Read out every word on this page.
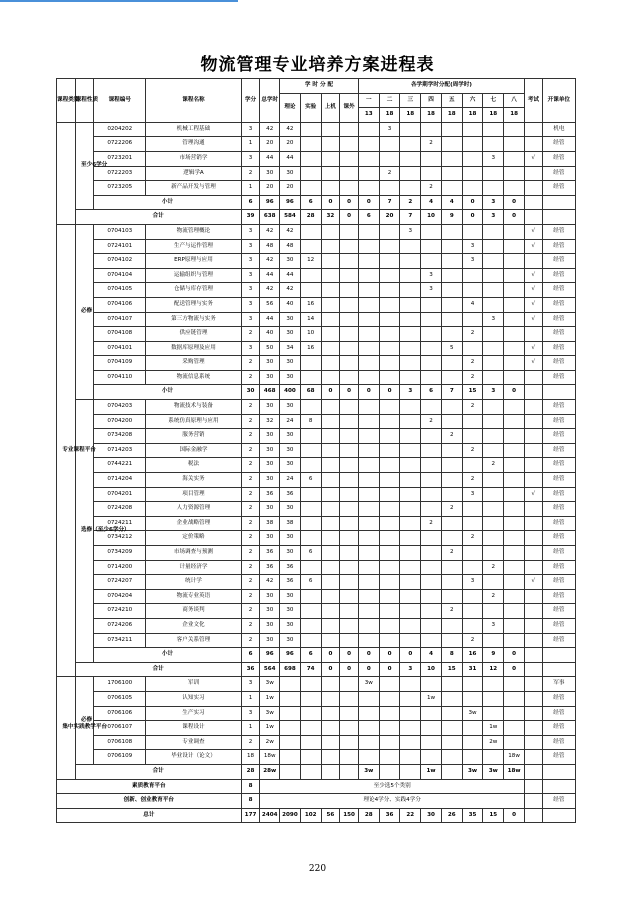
物流管理专业培养方案进程表
课程类别	课程性质	课程编号	课程名称	学分	总学时	学 时 分 配				各学期学时分配(周学时)								考试	开课单位
						理论	实验	上机	课外	一	二	三	四	五	六	七	八		
										13	18	18	18	18	18	18	18		
	至少6学分	0204202	机械工程基础	3	42	42					3								机电
		0722206	管理沟通	1	20	20							2						经管
		0723201	市场营销学	3	44	44										3		√	经管
		0722203	逻辑学A	2	30	30					2								经管
		0723205	新产品开发与管理	1	20	20							2						经管
		小计		6	96	96	6	0	0	0	7	2	4	4	0	3	0		
	合计			39	638	584	28	32	0	6	20	7	10	9	0	3	0		
专业课程平台	必修	0704103	物流管理概论	3	42	42						3						√	经管
		0724101	生产与运作管理	3	48	48									3			√	经管
		0704102	ERP原理与应用	3	42	30	12								3				经管
		0704104	运输组织与管理	3	44	44							3					√	经管
		0704105	仓储与库存管理	3	42	42							3					√	经管
		0704106	配送管理与实务	3	56	40	16								4			√	经管
		0704107	第三方物流与实务	3	44	30	14									3		√	经管
		0704108	供应链管理	2	40	30	10								2				经管
		0704101	数据库原理及应用	3	50	34	16							5				√	经管
		0704109	采购管理	2	30	30									2			√	经管
		0704110	物流信息系统	2	30	30									2				经管
		小计		30	468	400	68	0	0	0	0	3	6	7	15	3	0		
	选修（至少6学分）	0704203	物流技术与装备	2	30	30									2				经管
		0704200	系统仿真原理与应用	2	32	24	8						2						经管
		0734208	服务营销	2	30	30								2					经管
		0714203	国际金融学	2	30	30									2				经管
		0744221	税法	2	30	30										2			经管
		0714204	海关实务	2	30	24	6								2				经管
		0704201	项目管理	2	36	36									3			√	经管
		0724208	人力资源管理	2	30	30								2					经管
		0724211	企业战略管理	2	38	38							2						经管
		0734212	定价策略	2	30	30									2				经管
		0734209	市场调查与预测	2	36	30	6							2					经管
		0714200	计量经济学	2	36	36										2			经管
		0724207	统计学	2	42	36	6								3			√	经管
		0704204	物流专业英语	2	30	30										2			经管
		0724210	商务谈判	2	30	30								2					经管
		0724206	企业文化	2	30	30										3			经管
		0734211	客户关系管理	2	30	30									2				经管
		小计		6	96	96	6	0	0	0	0	0	4	8	16	9	0		
	合计			36	564	698	74	0	0	0	0	3	10	15	31	12	0		
集中实践教学平台	必修	1706100	军训	3	3w					3w									军事
		0706105	认知实习	1	1w								1w						经管
		0706106	生产实习	3	3w										3w				经管
		0706107	课程设计	1	1w											1w			经管
		0706108	专业调查	2	2w											2w			经管
		0706109	毕业设计（论文）	18	18w												18w		经管
	合计			28	28w					3w			1w		3w	3w	18w		
素质教育平台				8	至少选5个类别														
创新、创业教育平台				8	理论4学分、实践4学分														经管
总计				177	2404	2090	102	56	150	28	36	22	30	26	35	15	0		
220
